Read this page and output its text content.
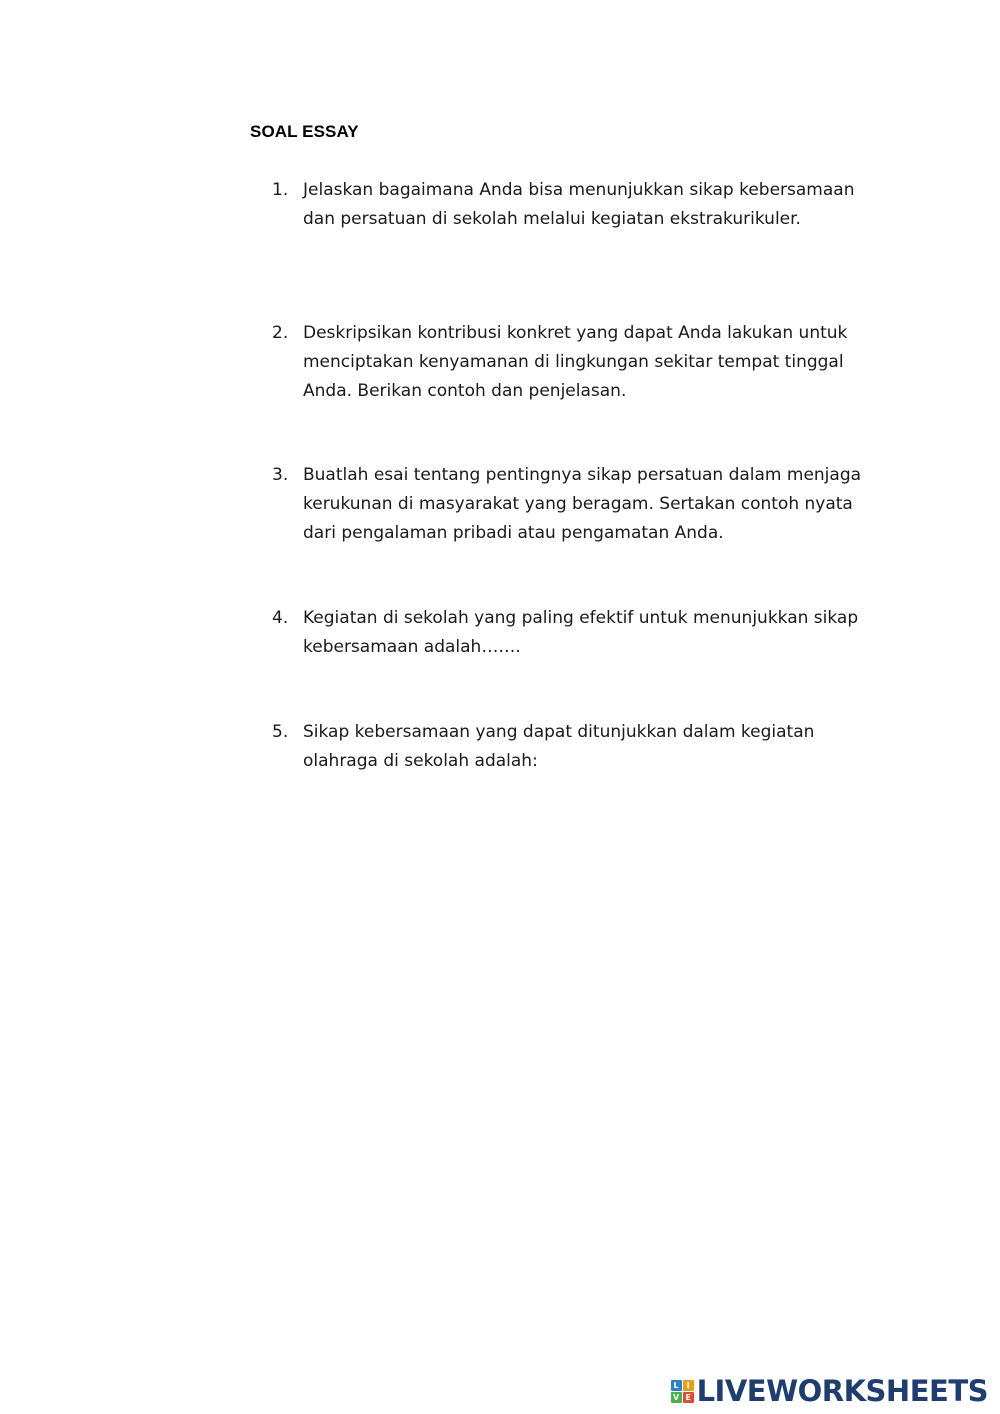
SOAL ESSAY
1. Jelaskan bagaimana Anda bisa menunjukkan sikap kebersamaan dan persatuan di sekolah melalui kegiatan ekstrakurikuler.
2. Deskripsikan kontribusi konkret yang dapat Anda lakukan untuk menciptakan kenyamanan di lingkungan sekitar tempat tinggal Anda. Berikan contoh dan penjelasan.
3. Buatlah esai tentang pentingnya sikap persatuan dalam menjaga kerukunan di masyarakat yang beragam. Sertakan contoh nyata dari pengalaman pribadi atau pengamatan Anda.
4. Kegiatan di sekolah yang paling efektif untuk menunjukkan sikap kebersamaan adalah…….
5. Sikap kebersamaan yang dapat ditunjukkan dalam kegiatan olahraga di sekolah adalah:
L I
V E LIVEWORKSHEETS
